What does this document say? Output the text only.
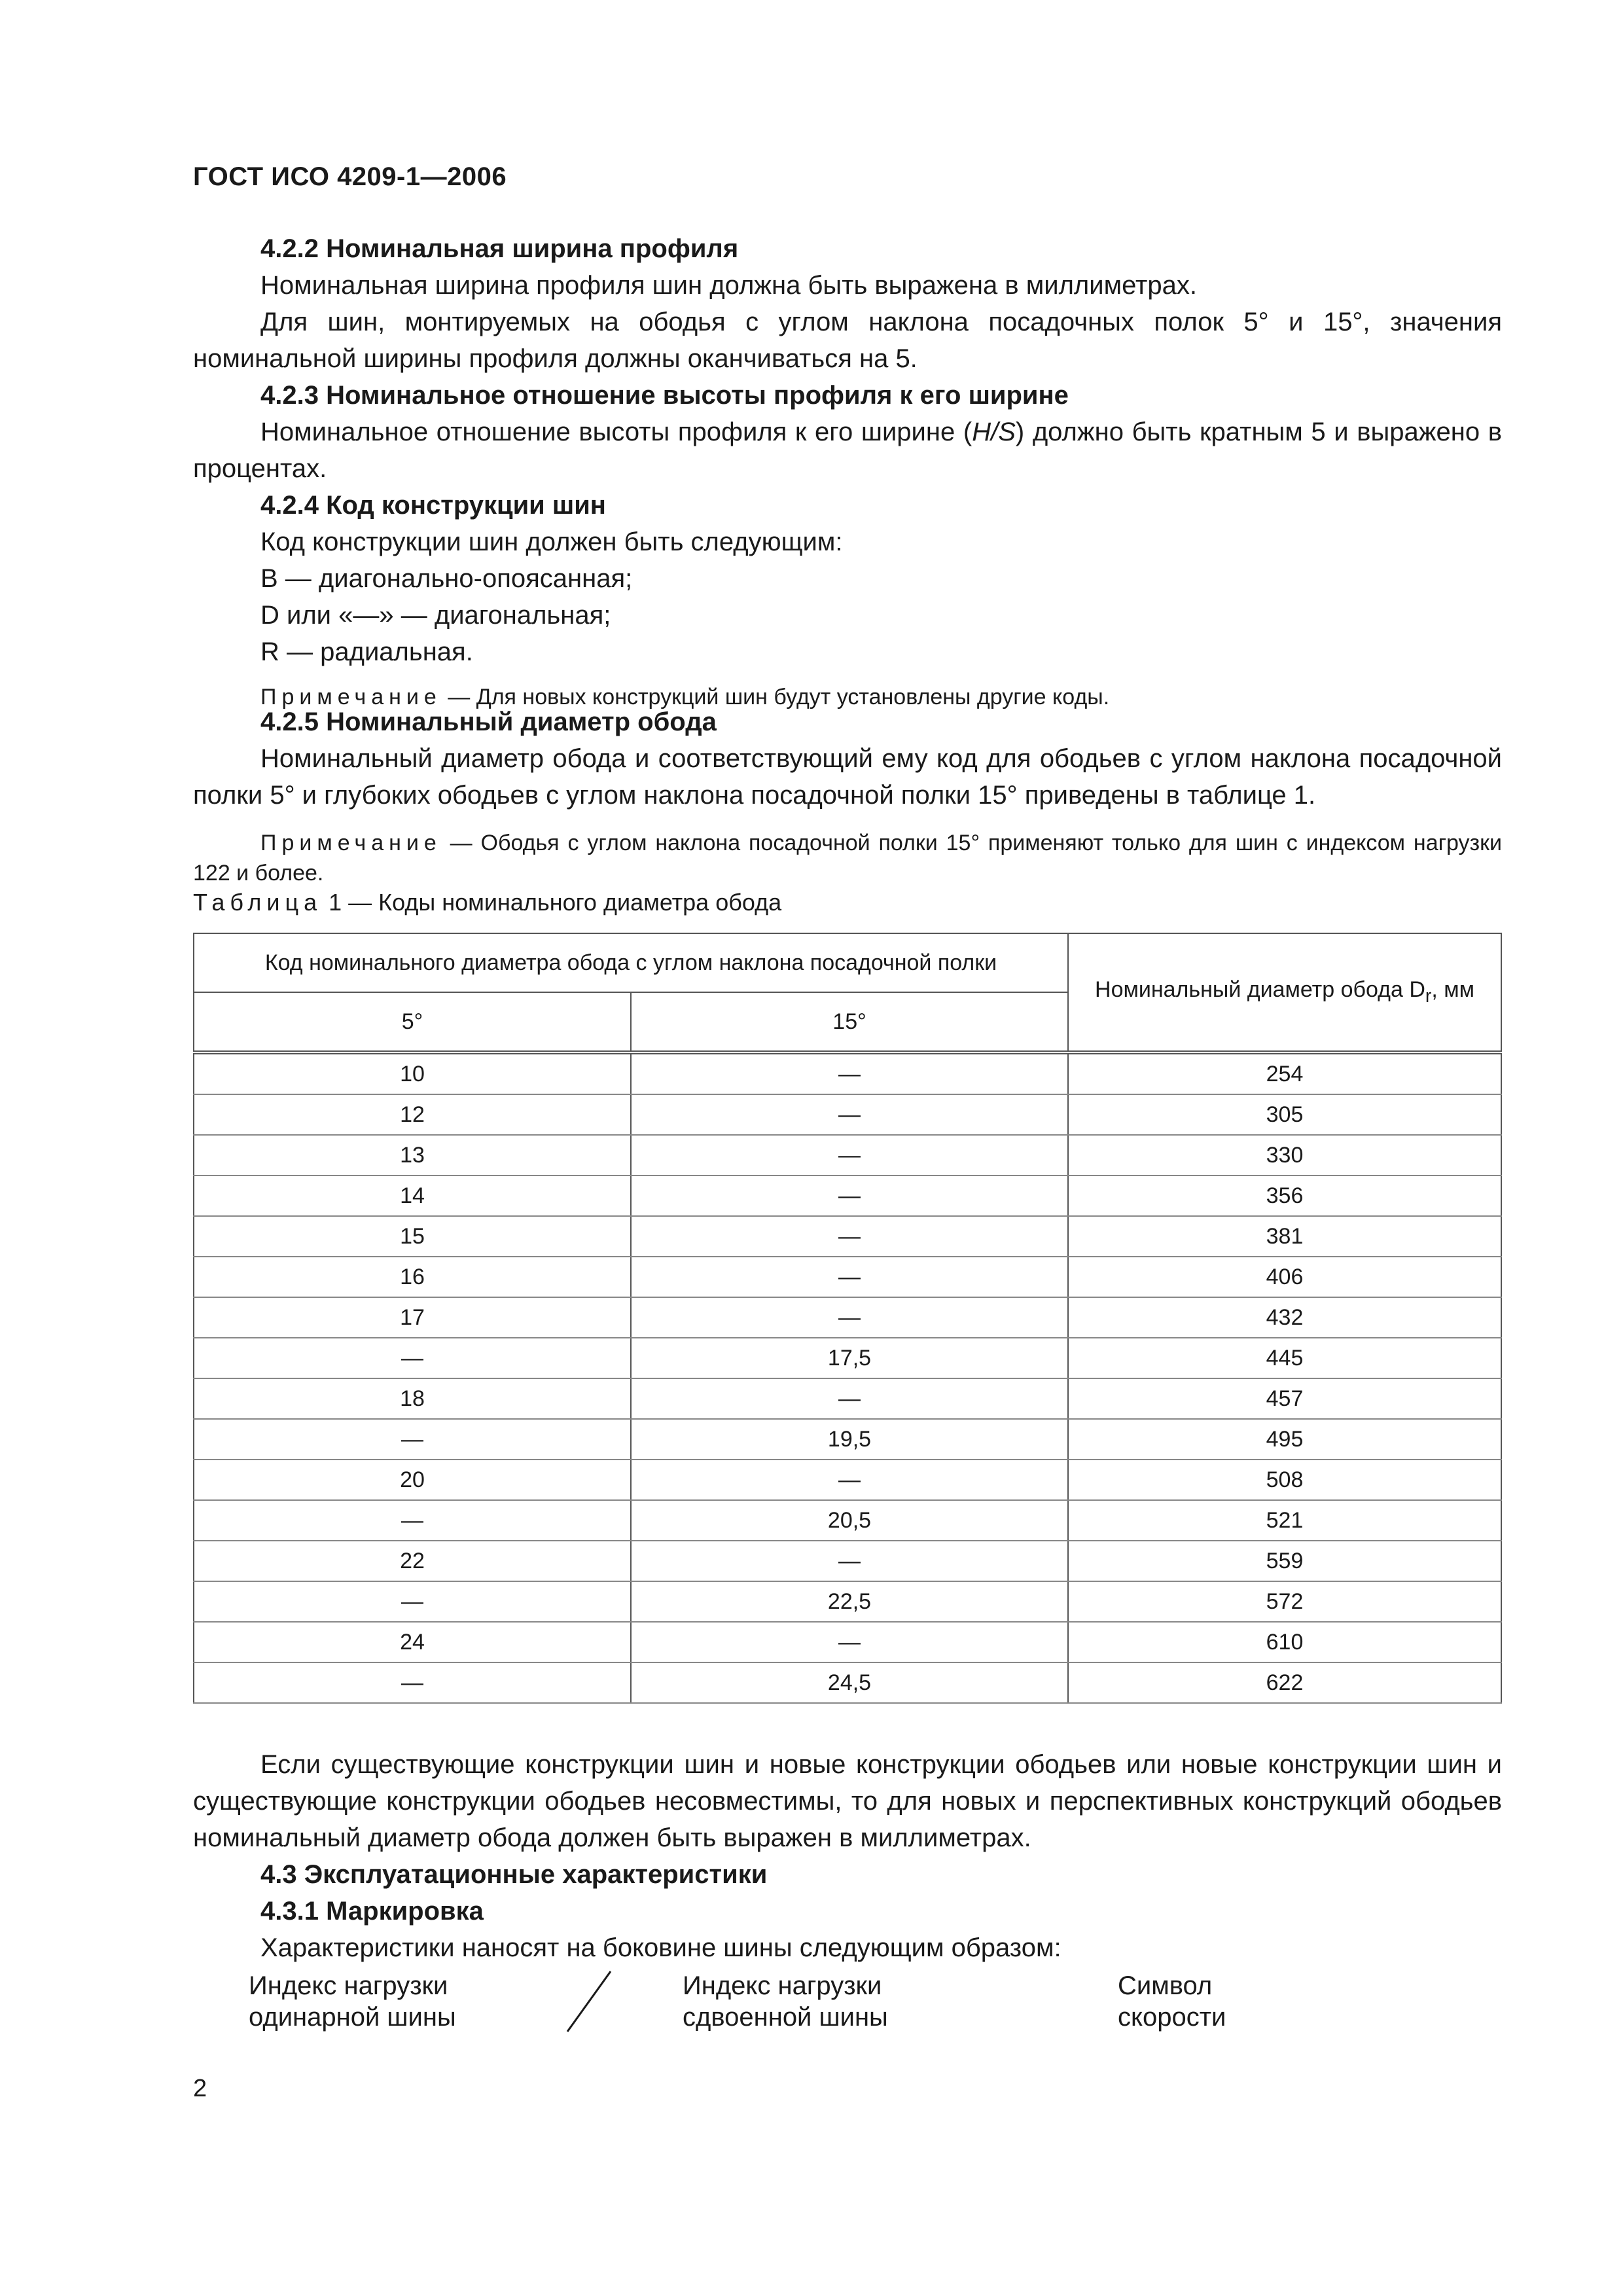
ГОСТ ИСО 4209-1—2006
4.2.2 Номинальная ширина профиля
Номинальная ширина профиля шин должна быть выражена в миллиметрах.
Для шин, монтируемых на ободья с углом наклона посадочных полок 5° и 15°, значения номинальной ширины профиля должны оканчиваться на 5.
4.2.3 Номинальное отношение высоты профиля к его ширине
Номинальное отношение высоты профиля к его ширине (H/S) должно быть кратным 5 и выражено в процентах.
4.2.4 Код конструкции шин
Код конструкции шин должен быть следующим:
B — диагонально-опоясанная;
D или «—» — диагональная;
R — радиальная.
Примечание — Для новых конструкций шин будут установлены другие коды.
4.2.5 Номинальный диаметр обода
Номинальный диаметр обода и соответствующий ему код для ободьев с углом наклона посадочной полки 5° и глубоких ободьев с углом наклона посадочной полки 15° приведены в таблице 1.
Примечание — Ободья с углом наклона посадочной полки 15° применяют только для шин с индексом нагрузки 122 и более.
Таблица 1 — Коды номинального диаметра обода
Код номинального диаметра обода с углом наклона посадочной полки		Номинальный диаметр обода $D_r$, мм
5°	15°	
10	—	254
12	—	305
13	—	330
14	—	356
15	—	381
16	—	406
17	—	432
—	17,5	445
18	—	457
—	19,5	495
20	—	508
—	20,5	521
22	—	559
—	22,5	572
24	—	610
—	24,5	622
Если существующие конструкции шин и новые конструкции ободьев или новые конструкции шин и существующие конструкции ободьев несовместимы, то для новых и перспективных конструкций ободьев номинальный диаметр обода должен быть выражен в миллиметрах.
4.3 Эксплуатационные характеристики
4.3.1 Маркировка
Характеристики наносят на боковине шины следующим образом:
Индекс нагрузки
одинарной шины
Индекс нагрузки
сдвоенной шины
Символ
скорости
2
